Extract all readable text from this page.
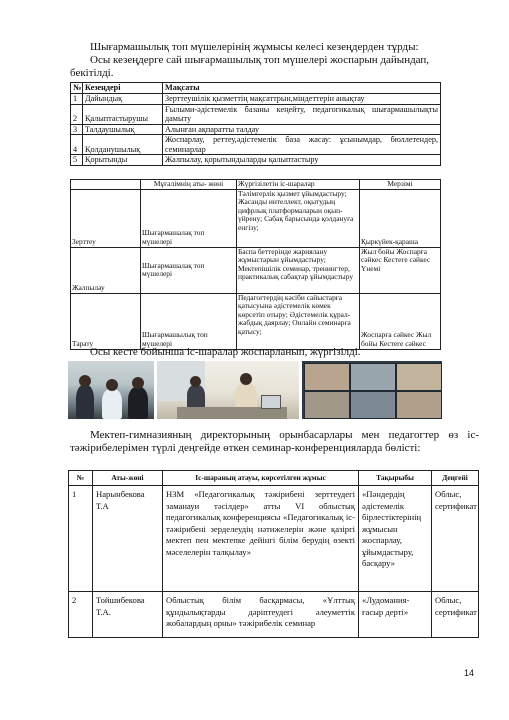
Шығармашылық топ мүшелерінің жұмысы келесі кезеңдерден тұрды:
Осы кезеңдерге сай шығармашылық топ мүшелері жоспарын дайындап, бекітілді.
№	Кезеңдері	Мақсаты
1	Дайындық	Зерттеушілік қызметтің мақсаттрын,міндеттерін анықтау
2	Қалыптастырушы	Ғылыми-әдістемелік базаны кеңейту, педагогикалық шығармашылықты дамыту
3	Талдаушылық	Алынған ақпаратты талдау
4	Қолданушылық	Жоспарлау, реттеу,әдістемелік база жасау: ұсынымдар, бюллетендер, семинарлар
5	Қорытынды	Жалпылау, қорытындыларды қалыптастыру
	Мұғалімнің аты- жөні	Жүргізілетін іс-шаралар	Мерзімі
Зерттеу	Шығармашалақ топ мүшелері	Тәлімгерлік қызмет ұйымдастыру; Жасанды интеллект, оқытудың цифрлық платформаларын оқып-үйрену; Сабақ барысында қолдануға енгізу;	Қыркүйек-қараша
Жалпылау	Шығармашалақ топ мүшелері	Баспа беттерінде жариялану жұмыстарын ұйымдастыру; Мектепішілік семинар, тренингтер, практикалық сабақтар ұйымдастыру	Жыл бойы Жоспарға сәйкес Кестеге сәйкес Үнемі
Тарату	Шығармашылық топ мүшелері	Педагогтердің кәсіби сайыстарға қатысуына әдістемелік көмек көрсетіп отыру; Әдістемелік құрал- жабдық даярлау; Онлайн семинарға қатысу;	Жоспарға сәйкес Жыл бойы Кестеге сәйкес
Осы кесте бойынша іс-шаралар жоспарланып, жүргізілді.
Мектеп-гимназияның директорының орынбасарлары мен педагогтер өз іс-тәжірибелерімен түрлі деңгейде өткен семинар-конференцияларда бөлісті:
№	Аты-жөні	Іс-шараның атауы, көрсетілген жұмыс	Тақырыбы	Деңгейі
1	Нарынбекова Т.А	НЗМ «Педагогикалық тәжірибені зерттеудегі заманауи тәсілдер» атты VI облыстық педагогикалық конференциясы «Педагогикалық іс-тәжірибені зерделеудің нәтижелерін және қазіргі мектеп пен мектепке дейінгі білім берудің өзекті мәселелерін талқылау»	«Пәндердің әдістемелік бірлестіктерінің жұмысын жоспарлау, ұйымдастыру, басқару»	Облыс, сертификат
2	Тойшибекова Т.А.	Облыстық білім басқармасы, «Ұлттық құндылықтарды дәріптеудегі әлеуметтік жобалардың орны» тәжірибелік семинар	«Лудомания-ғасыр дерті»	Облыс, сертификат
14
